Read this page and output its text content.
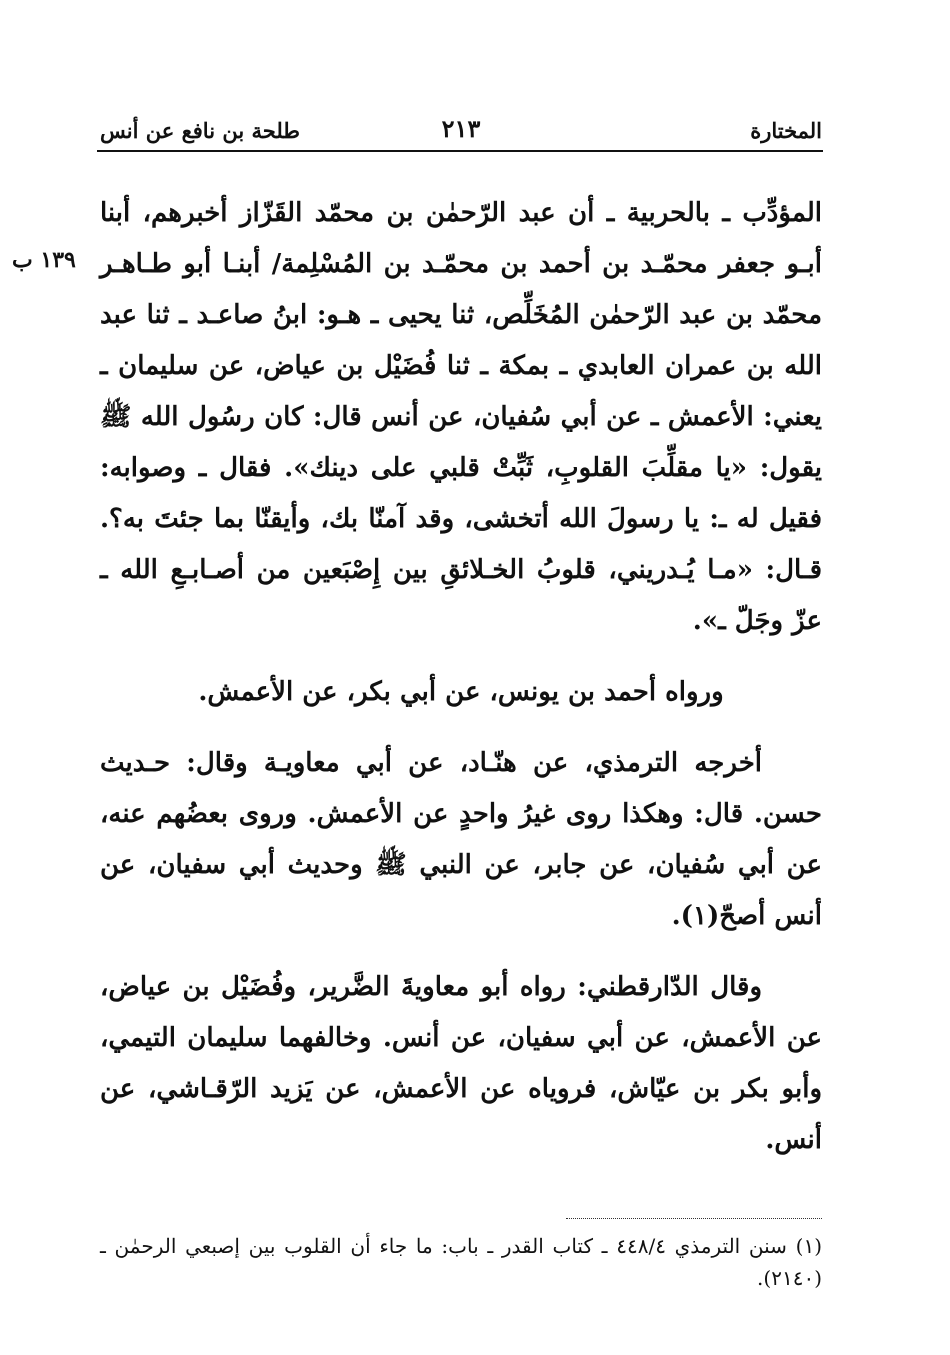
المختارة
٢١٣
طلحة بن نافع عن أنس
١٣٩ ب

المؤدِّب ـ بالحربية ـ أن عبد الرّحمٰن بن محمّد القَزّاز أخبرهم، أبنا أبـو جعفر محمّـد بن أحمد بن محمّـد بن المُسْلِمة/ أبنـا أبو طـاهـر محمّد بن عبد الرّحمٰن المُخَلِّص، ثنا يحيى ـ هـو: ابنُ صاعـد ـ ثنا عبد الله بن عمران العابدي ـ بمكة ـ ثنا فُضَيْل بن عياض، عن سليمان ـ يعني: الأعمش ـ عن أبي سُفيان، عن أنس قال: كان رسُول الله ﷺ يقول: «يا مقلِّبَ القلوبِ، ثَبِّتْ قلبي على دينك». فقال ـ وصوابه: فقيل له ـ: يا رسولَ الله أتخشى، وقد آمنّا بك، وأيقنّا بما جئتَ به؟. قـال: «مـا يُـدريني، قلوبُ الخـلائقِ بين إِصْبَعين من أصـابـعِ الله ـ عزّ وجَلّ ـ».

ورواه أحمد بن يونس، عن أبي بكر، عن الأعمش.

أخرجه الترمذي، عن هنّـاد، عن أبي معاويـة وقال: حـديث حسن. قال: وهكذا روى غيرُ واحدٍ عن الأعمش. وروى بعضُهم عنه، عن أبي سُفيان، عن جابر، عن النبي ﷺ وحديث أبي سفيان، عن أنس أصحّ(١).

وقال الدّارقطني: رواه أبو معاويةَ الضَّرير، وفُضَيْل بن عياض، عن الأعمش، عن أبي سفيان، عن أنس. وخالفهما سليمان التيمي، وأبو بكر بن عيّاش، فروياه عن الأعمش، عن يَزيد الرّقـاشي، عن أنس.

(١) سنن الترمذي ٤٤٨/٤ ـ كتاب القدر ـ باب: ما جاء أن القلوب بين إصبعي الرحمٰن ـ (٢١٤٠).
